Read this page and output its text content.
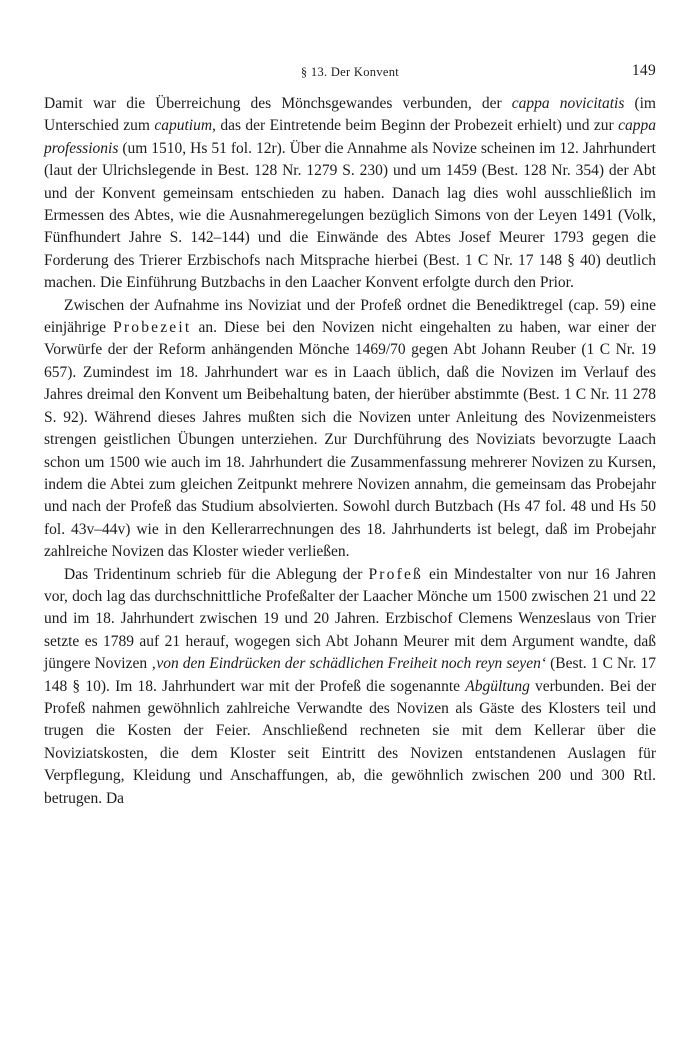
§ 13. Der Konvent	149

Damit war die Überreichung des Mönchsgewandes verbunden, der cappa novicitatis (im Unterschied zum caputium, das der Eintretende beim Beginn der Probezeit erhielt) und zur cappa professionis (um 1510, Hs 51 fol. 12r). Über die Annahme als Novize scheinen im 12. Jahrhundert (laut der Ulrichslegende in Best. 128 Nr. 1279 S. 230) und um 1459 (Best. 128 Nr. 354) der Abt und der Konvent gemeinsam entschieden zu haben. Danach lag dies wohl ausschließlich im Ermessen des Abtes, wie die Ausnahmeregelungen bezüglich Simons von der Leyen 1491 (Volk, Fünfhundert Jahre S. 142–144) und die Einwände des Abtes Josef Meurer 1793 gegen die Forderung des Trierer Erzbischofs nach Mitsprache hierbei (Best. 1 C Nr. 17 148 § 40) deutlich machen. Die Einführung Butzbachs in den Laacher Konvent erfolgte durch den Prior.

Zwischen der Aufnahme ins Noviziat und der Profeß ordnet die Benediktregel (cap. 59) eine einjährige Probezeit an. Diese bei den Novizen nicht eingehalten zu haben, war einer der Vorwürfe der der Reform anhängenden Mönche 1469/70 gegen Abt Johann Reuber (1 C Nr. 19 657). Zumindest im 18. Jahrhundert war es in Laach üblich, daß die Novizen im Verlauf des Jahres dreimal den Konvent um Beibehaltung baten, der hierüber abstimmte (Best. 1 C Nr. 11 278 S. 92). Während dieses Jahres mußten sich die Novizen unter Anleitung des Novizenmeisters strengen geistlichen Übungen unterziehen. Zur Durchführung des Noviziats bevorzugte Laach schon um 1500 wie auch im 18. Jahrhundert die Zusammenfassung mehrerer Novizen zu Kursen, indem die Abtei zum gleichen Zeitpunkt mehrere Novizen annahm, die gemeinsam das Probejahr und nach der Profeß das Studium absolvierten. Sowohl durch Butzbach (Hs 47 fol. 48 und Hs 50 fol. 43v–44v) wie in den Kellerarrechnungen des 18. Jahrhunderts ist belegt, daß im Probejahr zahlreiche Novizen das Kloster wieder verließen.

Das Tridentinum schrieb für die Ablegung der Profeß ein Mindestalter von nur 16 Jahren vor, doch lag das durchschnittliche Profeßalter der Laacher Mönche um 1500 zwischen 21 und 22 und im 18. Jahrhundert zwischen 19 und 20 Jahren. Erzbischof Clemens Wenzeslaus von Trier setzte es 1789 auf 21 herauf, wogegen sich Abt Johann Meurer mit dem Argument wandte, daß jüngere Novizen ‚von den Eindrücken der schädlichen Freiheit noch reyn seyen‘ (Best. 1 C Nr. 17 148 § 10). Im 18. Jahrhundert war mit der Profeß die sogenannte Abgültung verbunden. Bei der Profeß nahmen gewöhnlich zahlreiche Verwandte des Novizen als Gäste des Klosters teil und trugen die Kosten der Feier. Anschließend rechneten sie mit dem Kellerar über die Noviziatskosten, die dem Kloster seit Eintritt des Novizen entstandenen Auslagen für Verpflegung, Kleidung und Anschaffungen, ab, die gewöhnlich zwischen 200 und 300 Rtl. betrugen. Da
